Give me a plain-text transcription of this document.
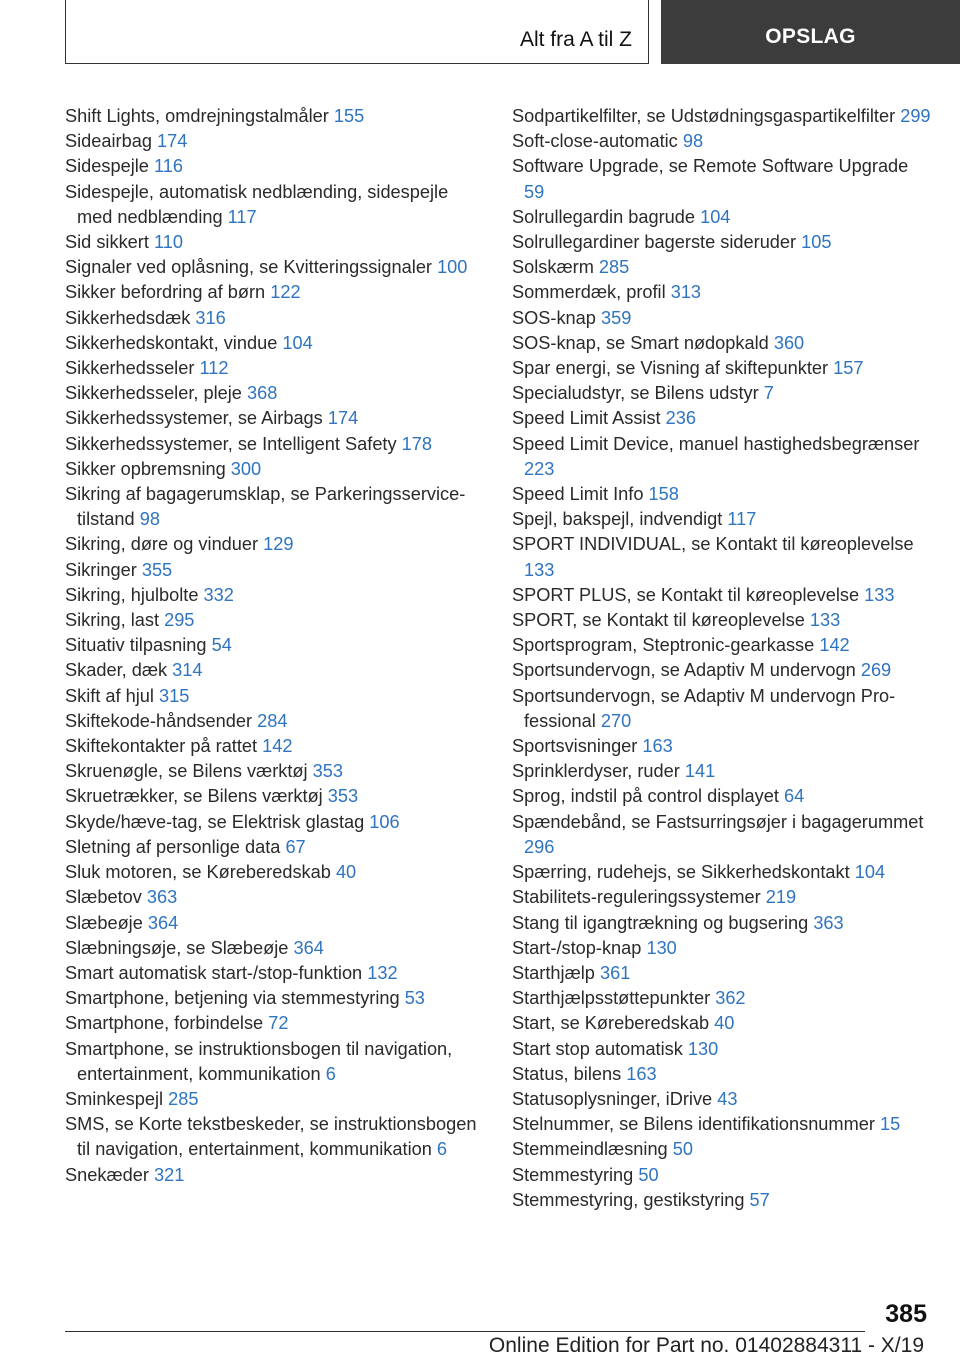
Alt fra A til Z	OPSLAG
Shift Lights, omdrejningstalmåler 155
Sideairbag 174
Sidespejle 116
Sidespejle, automatisk nedblænding, sidespejle med nedblænding 117
Sid sikkert 110
Signaler ved oplåsning, se Kvitteringssignaler 100
Sikker befordring af børn 122
Sikkerhedsdæk 316
Sikkerhedskontakt, vindue 104
Sikkerhedsseler 112
Sikkerhedsseler, pleje 368
Sikkerhedssystemer, se Airbags 174
Sikkerhedssystemer, se Intelligent Safety 178
Sikker opbremsning 300
Sikring af bagagerumsklap, se Parkeringsservicetilstand 98
Sikring, døre og vinduer 129
Sikringer 355
Sikring, hjulbolte 332
Sikring, last 295
Situativ tilpasning 54
Skader, dæk 314
Skift af hjul 315
Skiftekode-håndsender 284
Skiftekontakter på rattet 142
Skruenøgle, se Bilens værktøj 353
Skruetrækker, se Bilens værktøj 353
Skyde/hæve-tag, se Elektrisk glastag 106
Sletning af personlige data 67
Sluk motoren, se Køreberedskab 40
Slæbetov 363
Slæbeøje 364
Slæbningsøje, se Slæbeøje 364
Smart automatisk start-/stop-funktion 132
Smartphone, betjening via stemmestyring 53
Smartphone, forbindelse 72
Smartphone, se instruktionsbogen til navigation, entertainment, kommunikation 6
Sminkespejl 285
SMS, se Korte tekstbeskeder, se instruktionsbogen til navigation, entertainment, kommunikation 6
Snekæder 321
Sodpartikelfilter, se Udstødningsgaspartikelfilter 299
Soft-close-automatic 98
Software Upgrade, se Remote Software Upgrade 59
Solrullegardin bagrude 104
Solrullegardiner bagerste sideruder 105
Solskærm 285
Sommerdæk, profil 313
SOS-knap 359
SOS-knap, se Smart nødopkald 360
Spar energi, se Visning af skiftepunkter 157
Specialudstyr, se Bilens udstyr 7
Speed Limit Assist 236
Speed Limit Device, manuel hastighedsbegrænser 223
Speed Limit Info 158
Spejl, bakspejl, indvendigt 117
SPORT INDIVIDUAL, se Kontakt til køreoplevelse 133
SPORT PLUS, se Kontakt til køreoplevelse 133
SPORT, se Kontakt til køreoplevelse 133
Sportsprogram, Steptronic-gearkasse 142
Sportsundervogn, se Adaptiv M undervogn 269
Sportsundervogn, se Adaptiv M undervogn Professional 270
Sportsvisninger 163
Sprinklerdyser, ruder 141
Sprog, indstil på control displayet 64
Spændebånd, se Fastsurringsøjer i bagagerummet 296
Spærring, rudehejs, se Sikkerhedskontakt 104
Stabilitets-reguleringssystemer 219
Stang til igangtrækning og bugsering 363
Start-/stop-knap 130
Starthjælp 361
Starthjælpsstøttepunkter 362
Start, se Køreberedskab 40
Start stop automatisk 130
Status, bilens 163
Statusoplysninger, iDrive 43
Stelnummer, se Bilens identifikationsnummer 15
Stemmeindlæsning 50
Stemmestyring 50
Stemmestyring, gestikstyring 57
385
Online Edition for Part no. 01402884311 - X/19
